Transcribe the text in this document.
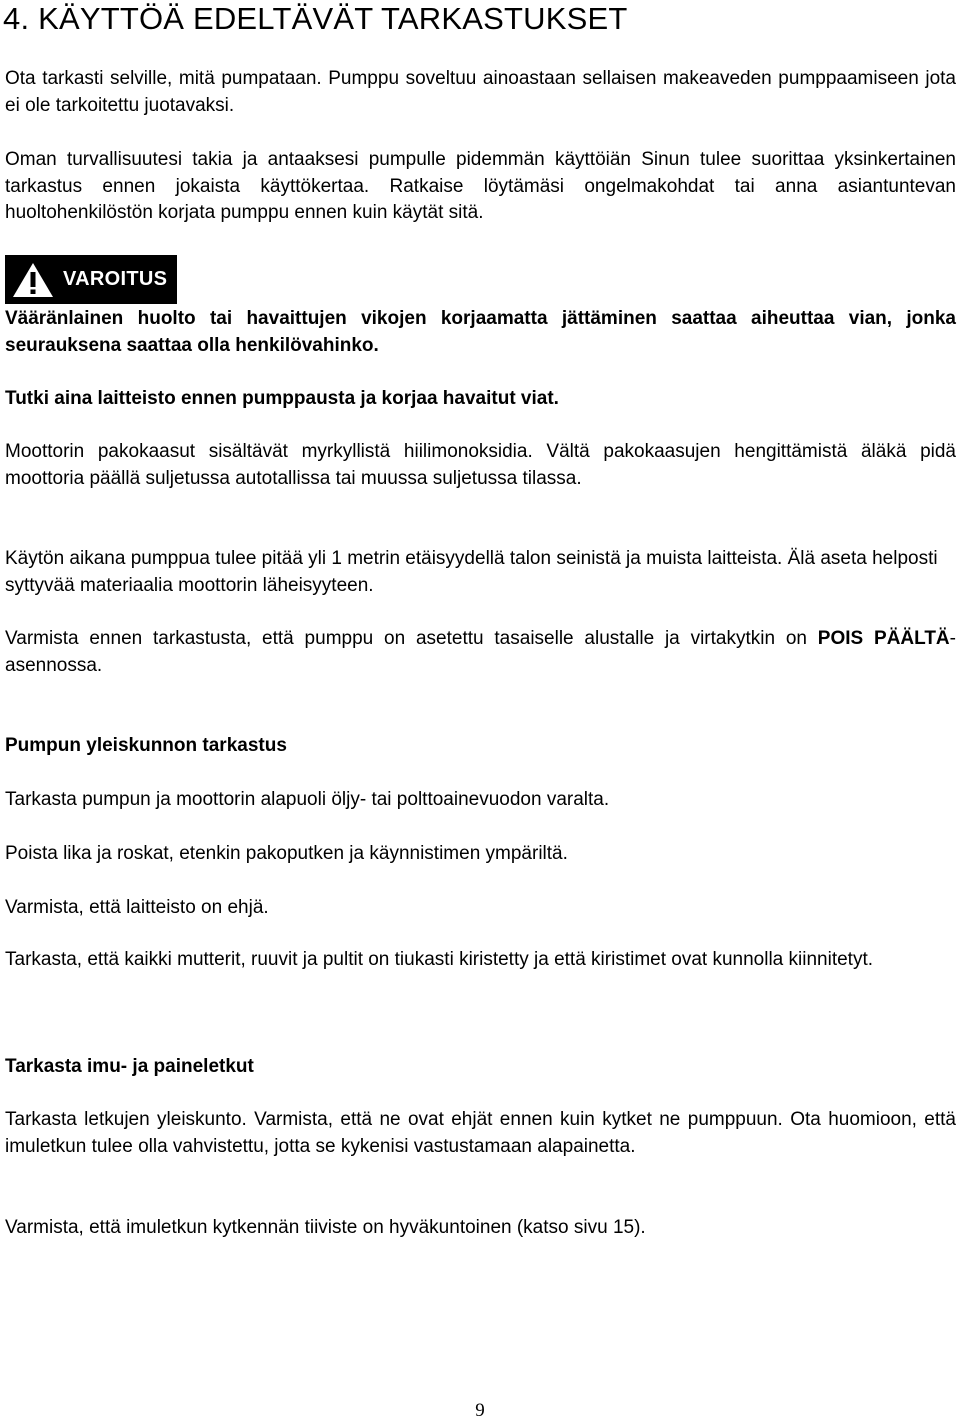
4. KÄYTTÖÄ EDELTÄVÄT TARKASTUKSET

Ota tarkasti selville, mitä pumpataan. Pumppu soveltuu ainoastaan sellaisen makeaveden pumppaamiseen jota ei ole tarkoitettu juotavaksi.

Oman turvallisuutesi takia ja antaaksesi pumpulle pidemmän käyttöiän Sinun tulee suorittaa yksinkertainen tarkastus ennen jokaista käyttökertaa. Ratkaise löytämäsi ongelmakohdat tai anna asiantuntevan huoltohenkilöstön korjata pumppu ennen kuin käytät sitä.

VAROITUS

Vääränlainen huolto tai havaittujen vikojen korjaamatta jättäminen saattaa aiheuttaa vian, jonka seurauksena saattaa olla henkilövahinko.

Tutki aina laitteisto ennen pumppausta ja korjaa havaitut viat.

Moottorin pakokaasut sisältävät myrkyllistä hiilimonoksidia. Vältä pakokaasujen hengittämistä äläkä pidä moottoria päällä suljetussa autotallissa tai muussa suljetussa tilassa.

Käytön aikana pumppua tulee pitää yli 1 metrin etäisyydellä talon seinistä ja muista laitteista. Älä aseta helposti syttyvää materiaalia moottorin läheisyyteen.

Varmista ennen tarkastusta, että pumppu on asetettu tasaiselle alustalle ja virtakytkin on POIS PÄÄLTÄ-asennossa.

Pumpun yleiskunnon tarkastus

Tarkasta pumpun ja moottorin alapuoli öljy- tai polttoainevuodon varalta.

Poista lika ja roskat, etenkin pakoputken ja käynnistimen ympäriltä.

Varmista, että laitteisto on ehjä.

Tarkasta, että kaikki mutterit, ruuvit ja pultit on tiukasti kiristetty ja että kiristimet ovat kunnolla kiinnitetyt.

Tarkasta imu- ja paineletkut

Tarkasta letkujen yleiskunto. Varmista, että ne ovat ehjät ennen kuin kytket ne pumppuun. Ota huomioon, että imuletkun tulee olla vahvistettu, jotta se kykenisi vastustamaan alapainetta.

Varmista, että imuletkun kytkennän tiiviste on hyväkuntoinen (katso sivu 15).

9
